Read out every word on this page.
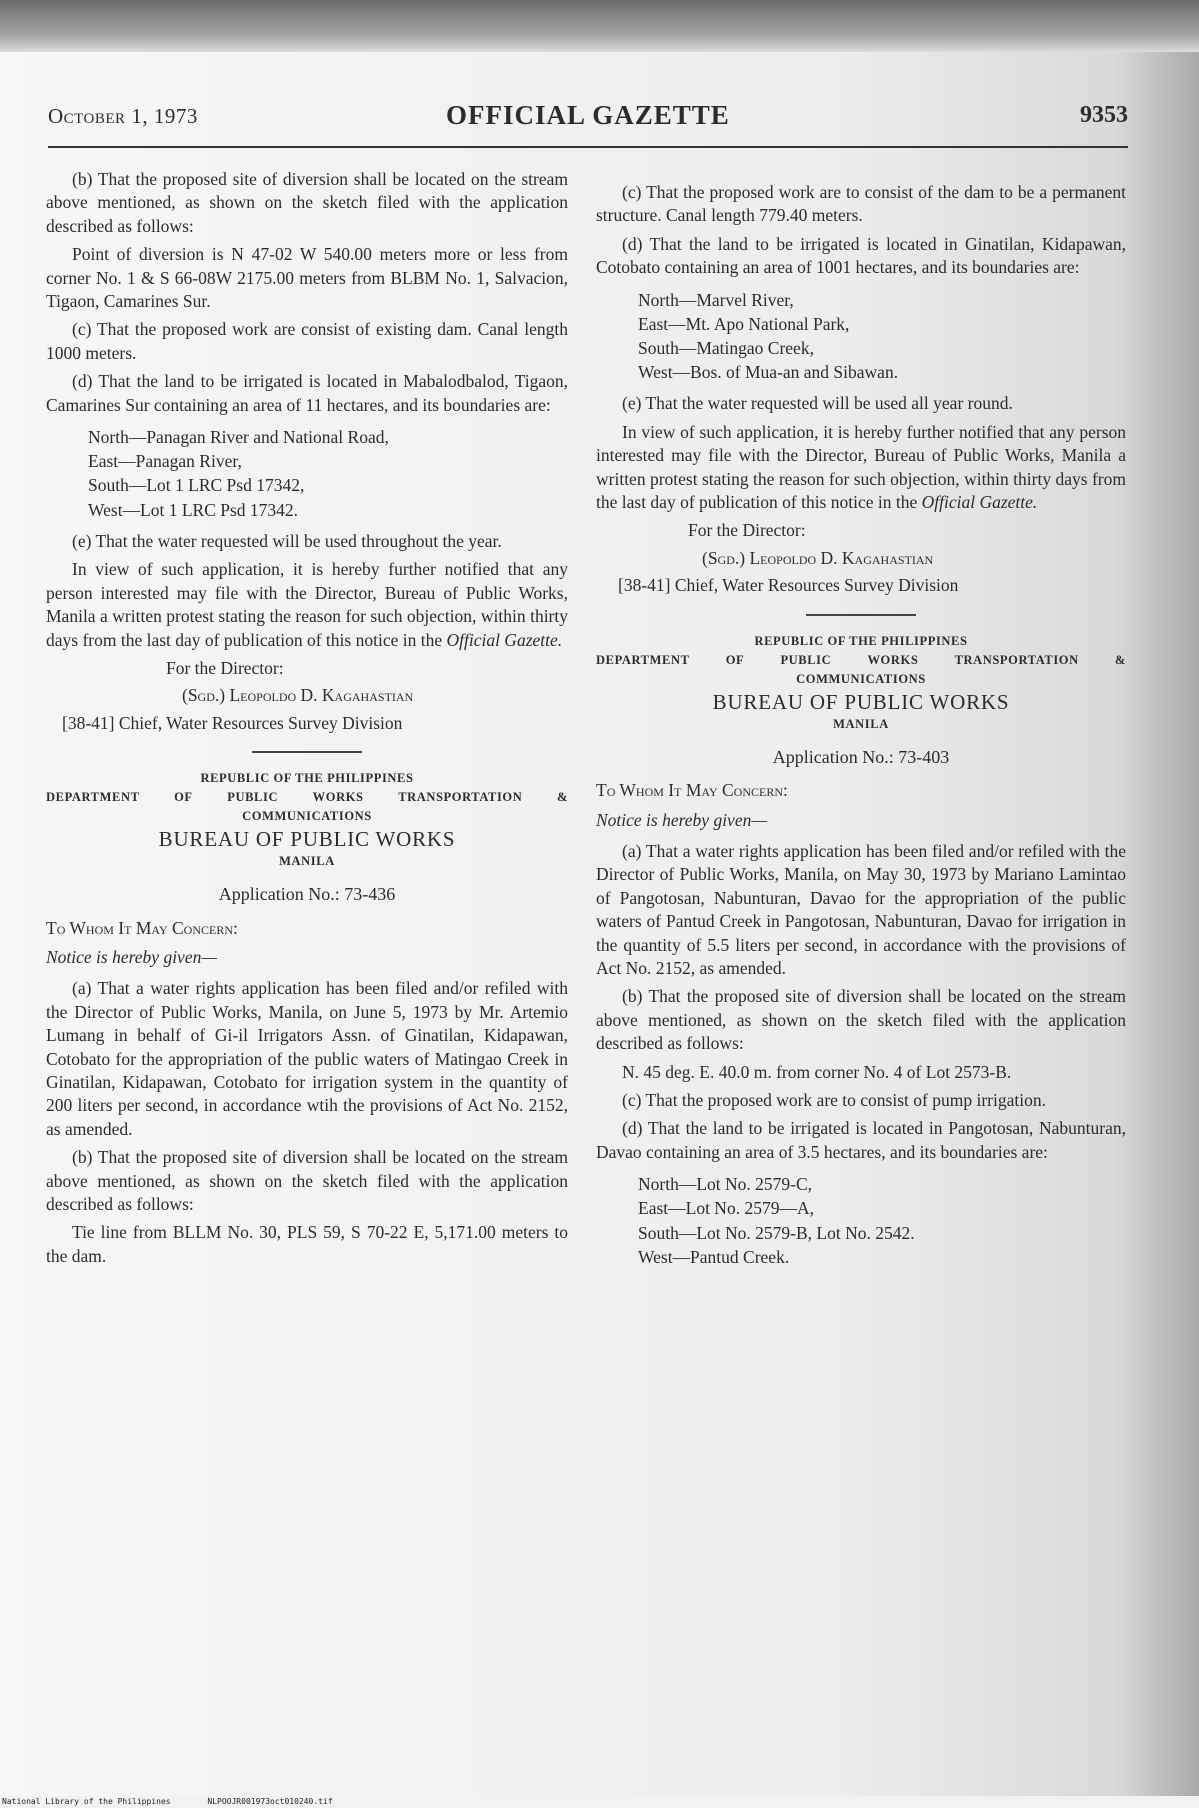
October 1, 1973	OFFICIAL GAZETTE	9353

(b) That the proposed site of diversion shall be located on the stream above mentioned, as shown on the sketch filed with the application described as follows:

Point of diversion is N 47-02 W 540.00 meters more or less from corner No. 1 & S 66-08W 2175.00 meters from BLBM No. 1, Salvacion, Tigaon, Camarines Sur.

(c) That the proposed work are consist of existing dam. Canal length 1000 meters.

(d) That the land to be irrigated is located in Mabalodbalod, Tigaon, Camarines Sur containing an area of 11 hectares, and its boundaries are:

North—Panagan River and National Road,
East—Panagan River,
South—Lot 1 LRC Psd 17342,
West—Lot 1 LRC Psd 17342.

(e) That the water requested will be used throughout the year.

In view of such application, it is hereby further notified that any person interested may file with the Director, Bureau of Public Works, Manila a written protest stating the reason for such objection, within thirty days from the last day of publication of this notice in the Official Gazette.

For the Director:
(Sgd.) Leopoldo D. Kagahastian
[38-41] Chief, Water Resources Survey Division
REPUBLIC OF THE PHILIPPINES
DEPARTMENT	OF	PUBLIC	WORKS	TRANSPORTATION	&
COMMUNICATIONS
BUREAU OF PUBLIC WORKS
MANILA
Application No.: 73-436
To Whom It May Concern:
Notice is hereby given—

(a) That a water rights application has been filed and/or refiled with the Director of Public Works, Manila, on June 5, 1973 by Mr. Artemio Lumang in behalf of Gi-il Irrigators Assn. of Ginatilan, Kidapawan, Cotobato for the appropriation of the public waters of Matingao Creek in Ginatilan, Kidapawan, Cotobato for irrigation system in the quantity of 200 liters per second, in accordance wtih the provisions of Act No. 2152, as amended.

(b) That the proposed site of diversion shall be located on the stream above mentioned, as shown on the sketch filed with the application described as follows:

Tie line from BLLM No. 30, PLS 59, S 70-22 E, 5,171.00 meters to the dam.

(c) That the proposed work are to consist of the dam to be a permanent structure. Canal length 779.40 meters.

(d) That the land to be irrigated is located in Ginatilan, Kidapawan, Cotobato containing an area of 1001 hectares, and its boundaries are:

North—Marvel River,
East—Mt. Apo National Park,
South—Matingao Creek,
West—Bos. of Mua-an and Sibawan.

(e) That the water requested will be used all year round.

In view of such application, it is hereby further notified that any person interested may file with the Director, Bureau of Public Works, Manila a written protest stating the reason for such objection, within thirty days from the last day of publication of this notice in the Official Gazette.

For the Director:
(Sgd.) Leopoldo D. Kagahastian
[38-41] Chief, Water Resources Survey Division
REPUBLIC OF THE PHILIPPINES
DEPARTMENT	OF	PUBLIC	WORKS	TRANSPORTATION	&
COMMUNICATIONS
BUREAU OF PUBLIC WORKS
MANILA
Application No.: 73-403
To Whom It May Concern:
Notice is hereby given—

(a) That a water rights application has been filed and/or refiled with the Director of Public Works, Manila, on May 30, 1973 by Mariano Lamintao of Pangotosan, Nabunturan, Davao for the appropriation of the public waters of Pantud Creek in Pangotosan, Nabunturan, Davao for irrigation in the quantity of 5.5 liters per second, in accordance with the provisions of Act No. 2152, as amended.

(b) That the proposed site of diversion shall be located on the stream above mentioned, as shown on the sketch filed with the application described as follows:

N. 45 deg. E. 40.0 m. from corner No. 4 of Lot 2573-B.

(c) That the proposed work are to consist of pump irrigation.

(d) That the land to be irrigated is located in Pangotosan, Nabunturan, Davao containing an area of 3.5 hectares, and its boundaries are:

North—Lot No. 2579-C,
East—Lot No. 2579—A,
South—Lot No. 2579-B, Lot No. 2542.
West—Pantud Creek.
National Library of the Philippines	NLPOOJR001973oct010240.tif
